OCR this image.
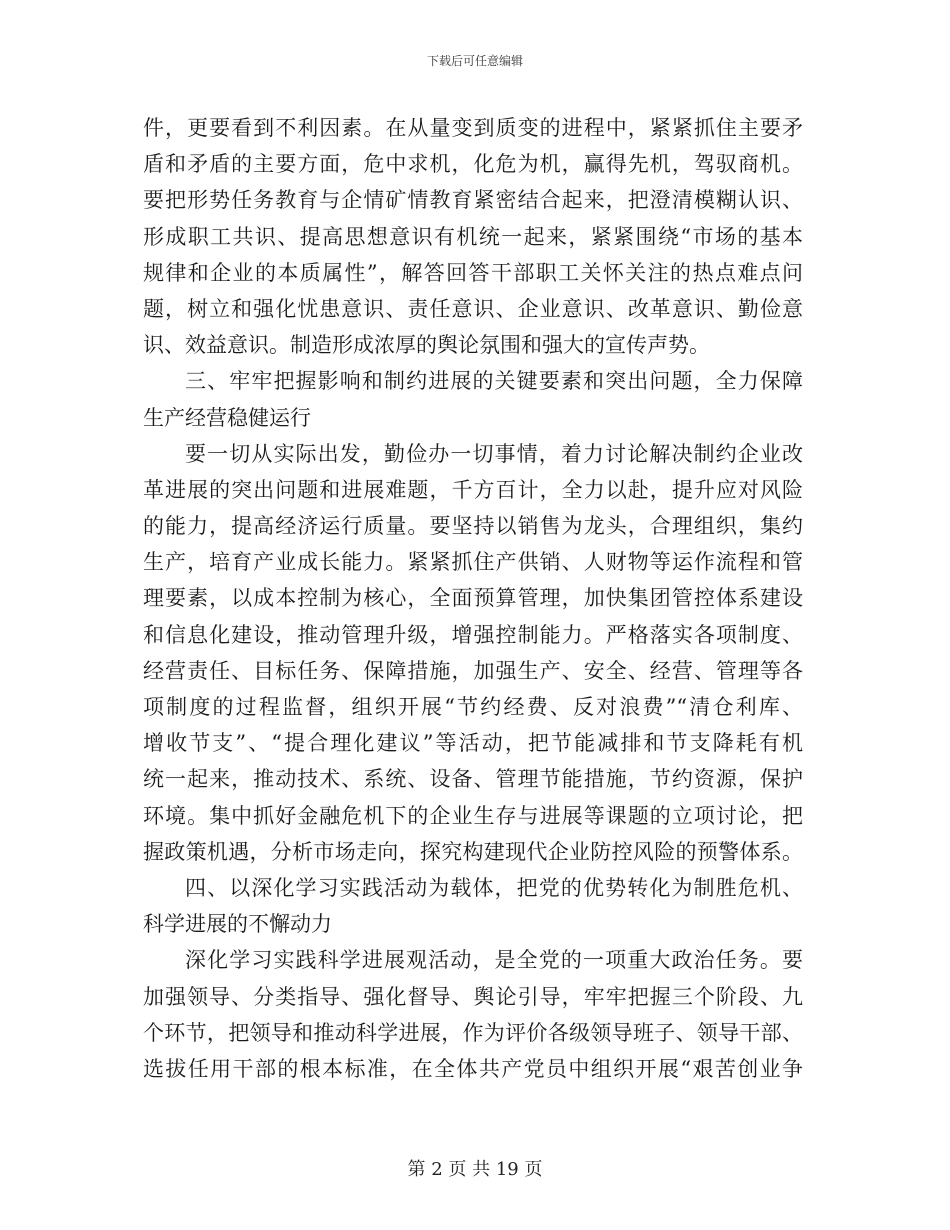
下载后可任意编辑
件，更要看到不利因素。在从量变到质变的进程中，紧紧抓住主要矛
盾和矛盾的主要方面，危中求机，化危为机，赢得先机，驾驭商机。
要把形势任务教育与企情矿情教育紧密结合起来，把澄清模糊认识、
形成职工共识、提高思想意识有机统一起来，紧紧围绕“市场的基本
规律和企业的本质属性”，解答回答干部职工关怀关注的热点难点问
题，树立和强化忧患意识、责任意识、企业意识、改革意识、勤俭意
识、效益意识。制造形成浓厚的舆论氛围和强大的宣传声势。
三、牢牢把握影响和制约进展的关键要素和突出问题，全力保障
生产经营稳健运行
要一切从实际出发，勤俭办一切事情，着力讨论解决制约企业改
革进展的突出问题和进展难题，千方百计，全力以赴，提升应对风险
的能力，提高经济运行质量。要坚持以销售为龙头，合理组织，集约
生产，培育产业成长能力。紧紧抓住产供销、人财物等运作流程和管
理要素，以成本控制为核心，全面预算管理，加快集团管控体系建设
和信息化建设，推动管理升级，增强控制能力。严格落实各项制度、
经营责任、目标任务、保障措施，加强生产、安全、经营、管理等各
项制度的过程监督，组织开展“节约经费、反对浪费”“清仓利库、
增收节支”、“提合理化建议”等活动，把节能减排和节支降耗有机
统一起来，推动技术、系统、设备、管理节能措施，节约资源，保护
环境。集中抓好金融危机下的企业生存与进展等课题的立项讨论，把
握政策机遇，分析市场走向，探究构建现代企业防控风险的预警体系。
四、以深化学习实践活动为载体，把党的优势转化为制胜危机、
科学进展的不懈动力
深化学习实践科学进展观活动，是全党的一项重大政治任务。要
加强领导、分类指导、强化督导、舆论引导，牢牢把握三个阶段、九
个环节，把领导和推动科学进展，作为评价各级领导班子、领导干部、
选拔任用干部的根本标准，在全体共产党员中组织开展“艰苦创业争
第 2 页 共 19 页
